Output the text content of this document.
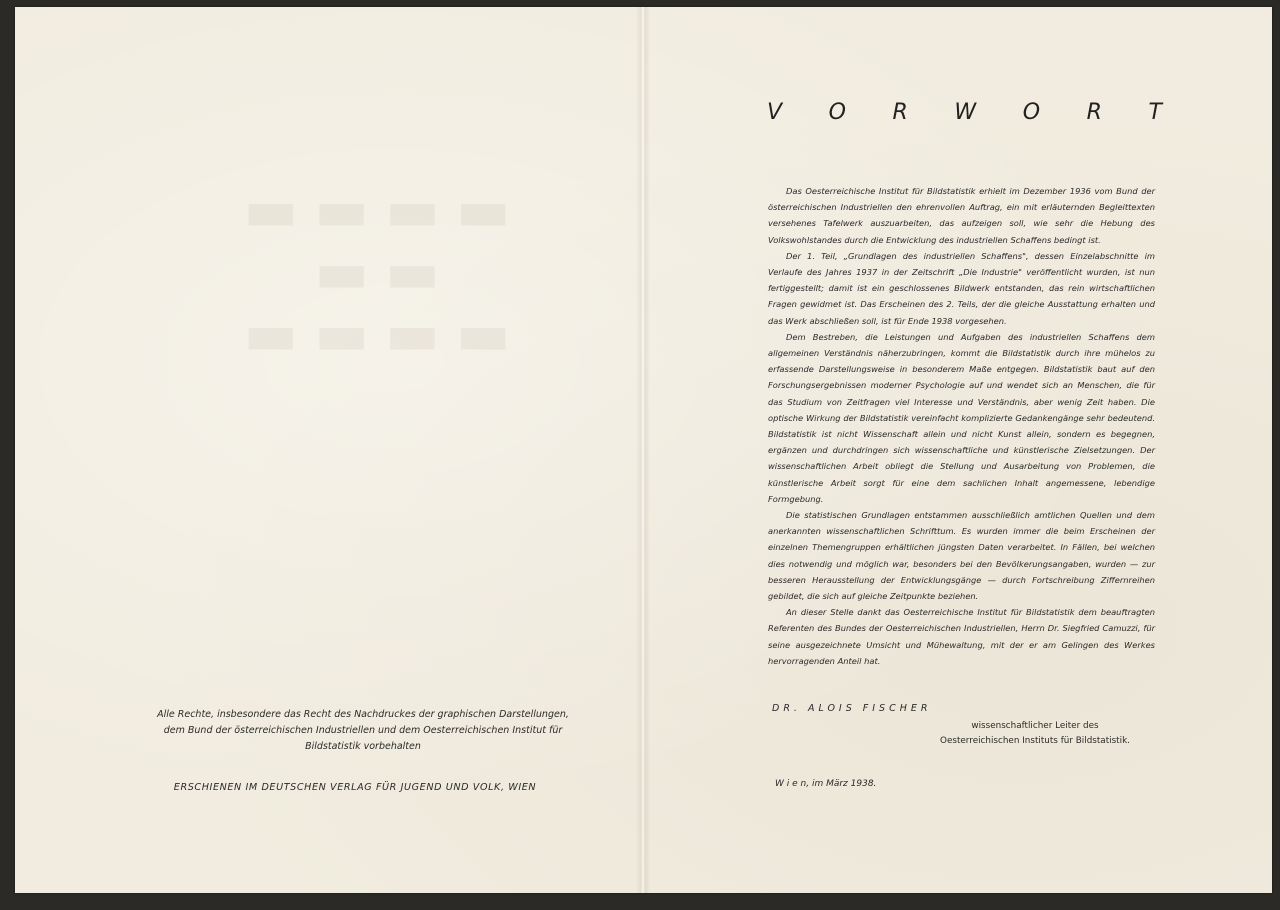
▬▬▬▬
▬▬
▬▬▬▬
Alle Rechte, insbesondere das Recht des Nachdruckes der graphischen Darstellungen, dem Bund der österreichischen Industriellen und dem Oesterreichischen Institut für Bildstatistik vorbehalten
ERSCHIENEN IM DEUTSCHEN VERLAG FÜR JUGEND UND VOLK, WIEN
V O R W O R T

Das Oesterreichische Institut für Bildstatistik erhielt im Dezember 1936 vom Bund der österreichischen Industriellen den ehrenvollen Auftrag, ein mit erläuternden Begleittexten versehenes Tafelwerk auszuarbeiten, das aufzeigen soll, wie sehr die Hebung des Volkswohlstandes durch die Entwicklung des industriellen Schaffens bedingt ist.

Der 1. Teil, „Grundlagen des industriellen Schaffens", dessen Einzelabschnitte im Verlaufe des Jahres 1937 in der Zeitschrift „Die Industrie" veröffentlicht wurden, ist nun fertiggestellt; damit ist ein geschlossenes Bildwerk entstanden, das rein wirtschaftlichen Fragen gewidmet ist. Das Erscheinen des 2. Teils, der die gleiche Ausstattung erhalten und das Werk abschließen soll, ist für Ende 1938 vorgesehen.

Dem Bestreben, die Leistungen und Aufgaben des industriellen Schaffens dem allgemeinen Verständnis näherzubringen, kommt die Bildstatistik durch ihre mühelos zu erfassende Darstellungsweise in besonderem Maße entgegen. Bildstatistik baut auf den Forschungsergebnissen moderner Psychologie auf und wendet sich an Menschen, die für das Studium von Zeitfragen viel Interesse und Verständnis, aber wenig Zeit haben. Die optische Wirkung der Bildstatistik vereinfacht komplizierte Gedankengänge sehr bedeutend. Bildstatistik ist nicht Wissenschaft allein und nicht Kunst allein, sondern es begegnen, ergänzen und durchdringen sich wissenschaftliche und künstlerische Zielsetzungen. Der wissenschaftlichen Arbeit obliegt die Stellung und Ausarbeitung von Problemen, die künstlerische Arbeit sorgt für eine dem sachlichen Inhalt angemessene, lebendige Formgebung.

Die statistischen Grundlagen entstammen ausschließlich amtlichen Quellen und dem anerkannten wissenschaftlichen Schrifttum. Es wurden immer die beim Erscheinen der einzelnen Themengruppen erhältlichen jüngsten Daten verarbeitet. In Fällen, bei welchen dies notwendig und möglich war, besonders bei den Bevölkerungsangaben, wurden — zur besseren Herausstellung der Entwicklungsgänge — durch Fortschreibung Ziffernreihen gebildet, die sich auf gleiche Zeitpunkte beziehen.

An dieser Stelle dankt das Oesterreichische Institut für Bildstatistik dem beauftragten Referenten des Bundes der Oesterreichischen Industriellen, Herrn Dr. Siegfried Camuzzi, für seine ausgezeichnete Umsicht und Mühewaltung, mit der er am Gelingen des Werkes hervorragenden Anteil hat.

DR. ALOIS FISCHER
wissenschaftlicher Leiter des
Oesterreichischen Instituts für Bildstatistik.
W i e n, im März 1938.
